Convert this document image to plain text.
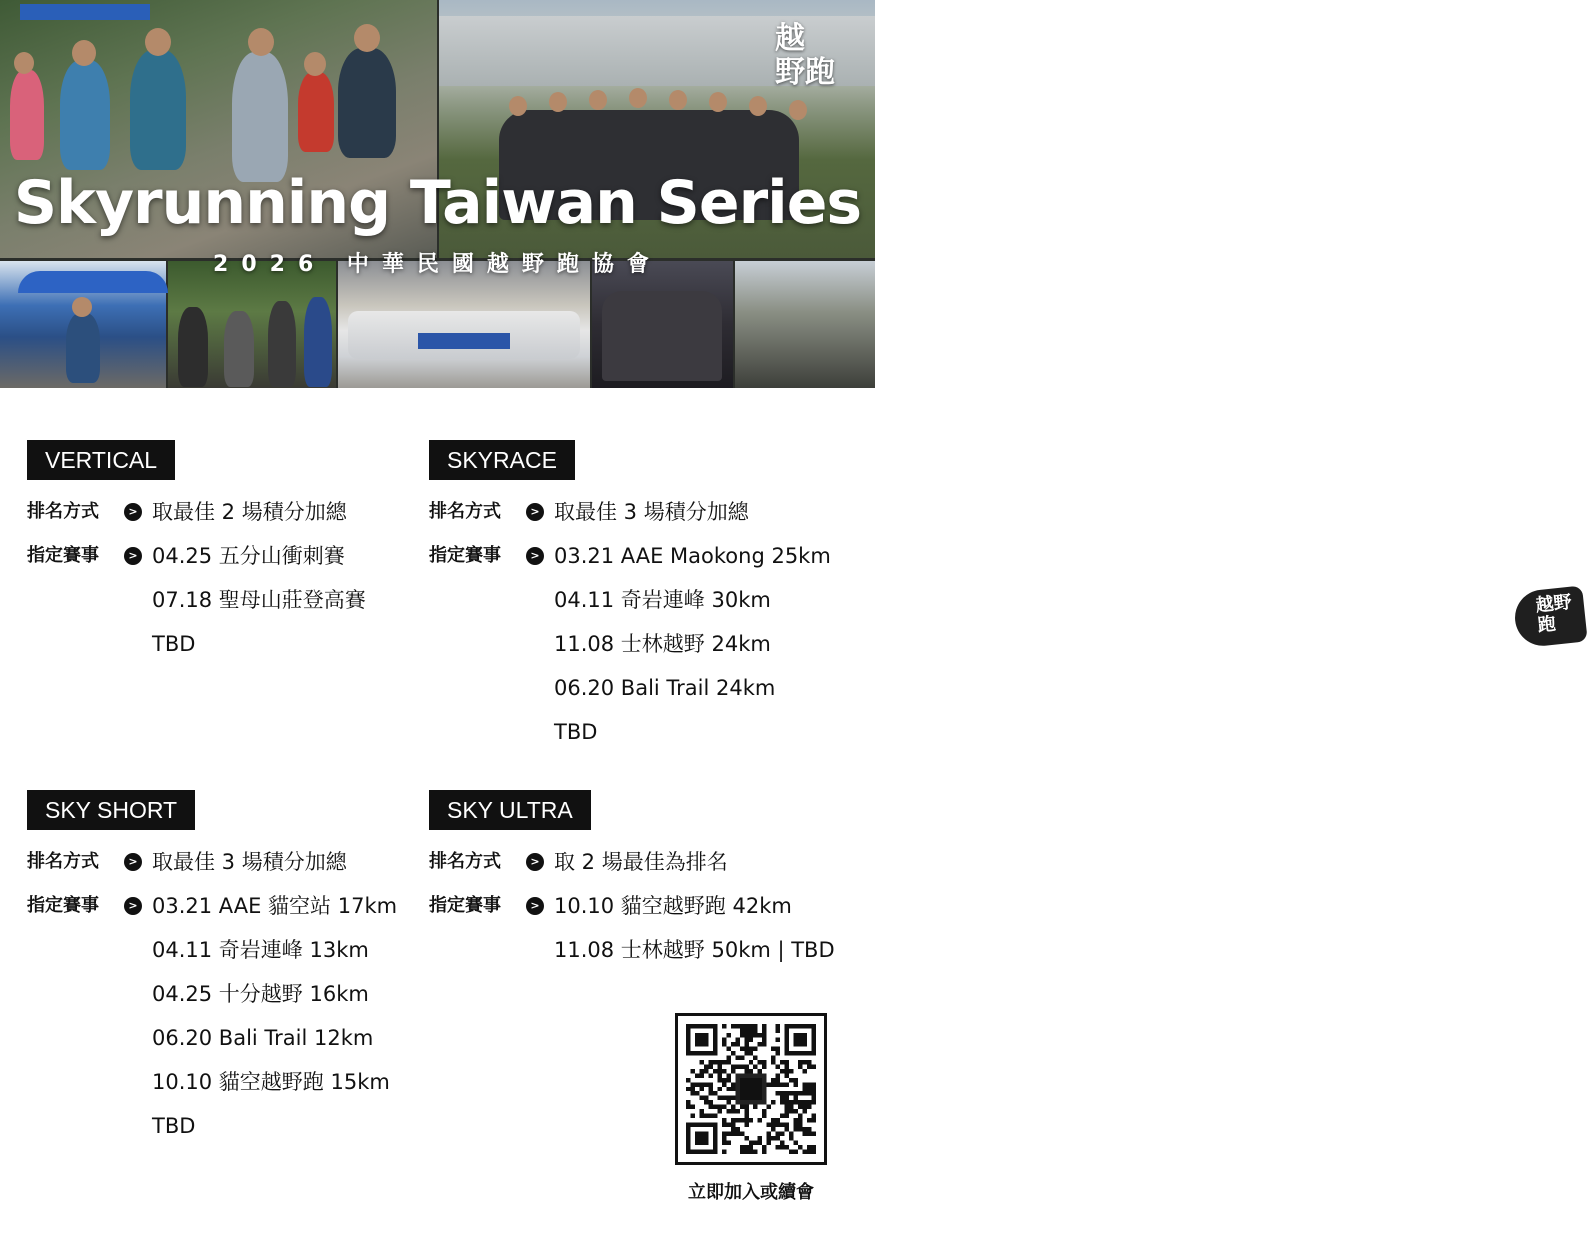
越野
跑
越
野跑
Skyrunning Taiwan Series
2026 中華民國越野跑協會
VERTICAL
排名方式	> 取最佳 2 場積分加總
指定賽事	> 04.25 五分山衝刺賽
07.18 聖母山莊登高賽
TBD
SKYRACE
排名方式	> 取最佳 3 場積分加總
指定賽事	> 03.21 AAE Maokong 25km
04.11 奇岩連峰 30km
11.08 士林越野 24km
06.20 Bali Trail 24km
TBD
SKY SHORT
排名方式	> 取最佳 3 場積分加總
指定賽事	> 03.21 AAE 貓空站 17km
04.11 奇岩連峰 13km
04.25 十分越野 16km
06.20 Bali Trail 12km
10.10 貓空越野跑 15km
TBD
SKY ULTRA
排名方式	> 取 2 場最佳為排名
指定賽事	> 10.10 貓空越野跑 42km
11.08 士林越野 50km | TBD
立即加入或續會
